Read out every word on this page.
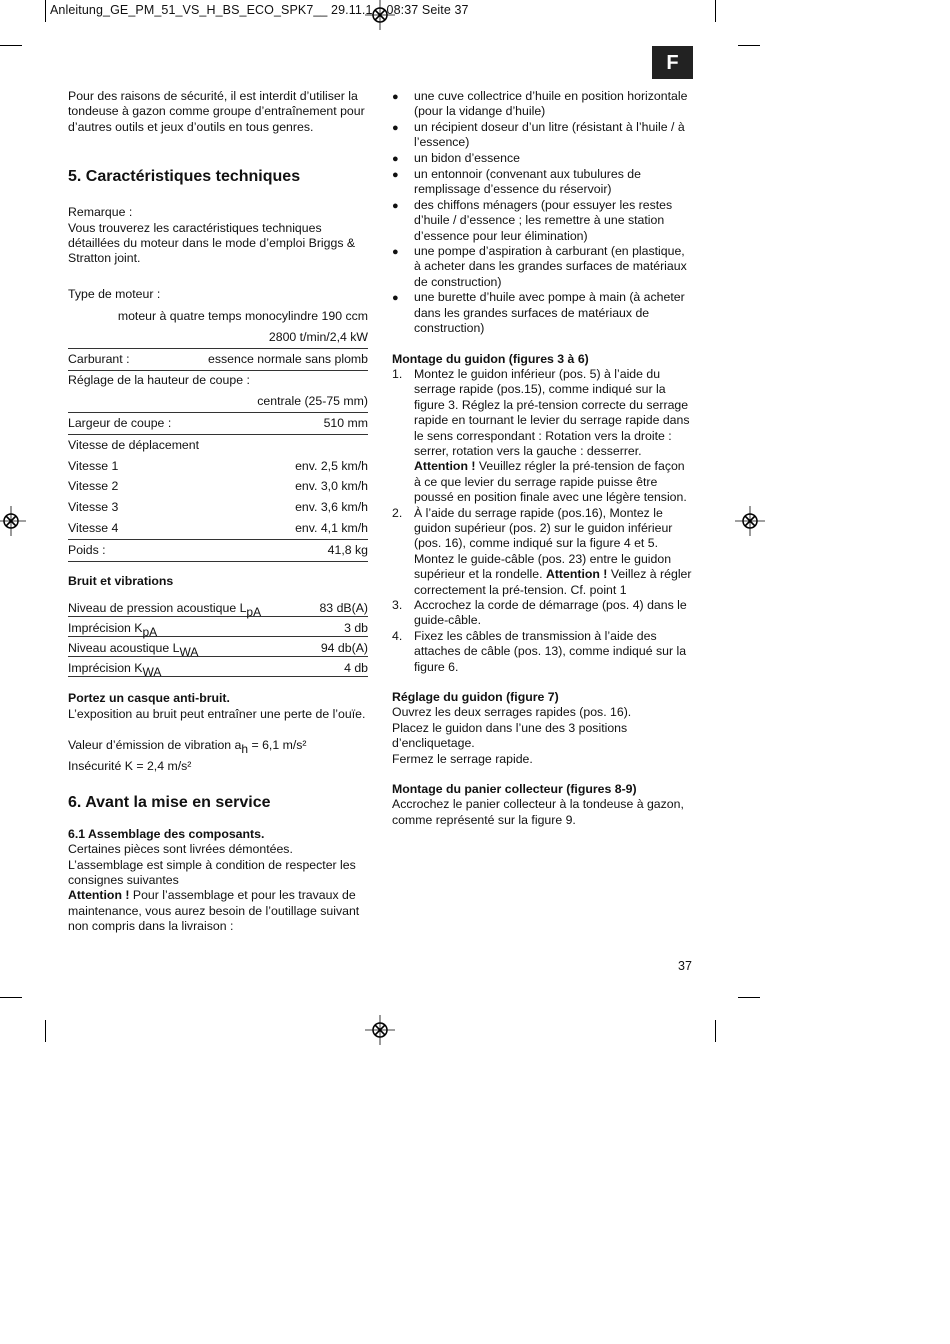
Anleitung_GE_PM_51_VS_H_BS_ECO_SPK7__ 29.11.1 08:37 Seite 37
F

Pour des raisons de sécurité, il est interdit d’utiliser la tondeuse à gazon comme groupe d’entraînement pour d’autres outils et jeux d’outils en tous genres.

5. Caractéristiques techniques

Remarque :

Vous trouverez les caractéristiques techniques détaillées du moteur dans le mode d’emploi Briggs & Stratton joint.

Type de moteur :

moteur à quatre temps monocylindre 190 ccm
2800 t/min/2,4 kW
Carburant :	essence normale sans plomb
Réglage de la hauteur de coupe :
centrale (25-75 mm)
Largeur de coupe :	510 mm
Vitesse de déplacement
Vitesse 1	env. 2,5 km/h
Vitesse 2	env. 3,0 km/h
Vitesse 3	env. 3,6 km/h
Vitesse 4	env. 4,1 km/h
Poids :	41,8 kg

Bruit et vibrations

Niveau de pression acoustique $L_{pA}$	83 dB(A)
Imprécision $K_{pA}$	3 db
Niveau acoustique $L_{WA}$	94 db(A)
Imprécision $K_{WA}$	4 db

Portez un casque anti-bruit.

L’exposition au bruit peut entraîner une perte de l’ouïe.

Valeur d’émission de vibration $a_h = 6,1$ m/s²

Insécurité K = 2,4 m/s²

6. Avant la mise en service

6.1 Assemblage des composants.

Certaines pièces sont livrées démontées. L’assemblage est simple à condition de respecter les consignes suivantes

Attention ! Pour l’assemblage et pour les travaux de maintenance, vous aurez besoin de l’outillage suivant non compris dans la livraison :

●	une cuve collectrice d’huile en position horizontale (pour la vidange d’huile)
●	un récipient doseur d’un litre (résistant à l’huile / à l’essence)
●	un bidon d’essence
●	un entonnoir (convenant aux tubulures de remplissage d’essence du réservoir)
●	des chiffons ménagers (pour essuyer les restes d’huile / d’essence ; les remettre à une station d’essence pour leur élimination)
●	une pompe d’aspiration à carburant (en plastique, à acheter dans les grandes surfaces de matériaux de construction)
●	une burette d’huile avec pompe à main (à acheter dans les grandes surfaces de matériaux de construction)

Montage du guidon (figures 3 à 6)

1. Montez le guidon inférieur (pos. 5) à l’aide du serrage rapide (pos.15), comme indiqué sur la figure 3. Réglez la pré-tension correcte du serrage rapide en tournant le levier du serrage rapide dans le sens correspondant : Rotation vers la droite : serrer, rotation vers la gauche : desserrer. Attention ! Veuillez régler la pré-tension de façon à ce que levier du serrage rapide puisse être poussé en position finale avec une légère tension.
2. À l’aide du serrage rapide (pos.16), Montez le guidon supérieur (pos. 2) sur le guidon inférieur (pos. 16), comme indiqué sur la figure 4 et 5. Montez le guide-câble (pos. 23) entre le guidon supérieur et la rondelle. Attention ! Veillez à régler correctement la pré-tension. Cf. point 1
3. Accrochez la corde de démarrage (pos. 4) dans le guide-câble.
4. Fixez les câbles de transmission à l’aide des attaches de câble (pos. 13), comme indiqué sur la figure 6.

Réglage du guidon (figure 7)

Ouvrez les deux serrages rapides (pos. 16).

Placez le guidon dans l’une des 3 positions d’encliquetage.

Fermez le serrage rapide.

Montage du panier collecteur (figures 8-9)

Accrochez le panier collecteur à la tondeuse à gazon, comme représenté sur la figure 9.

37
